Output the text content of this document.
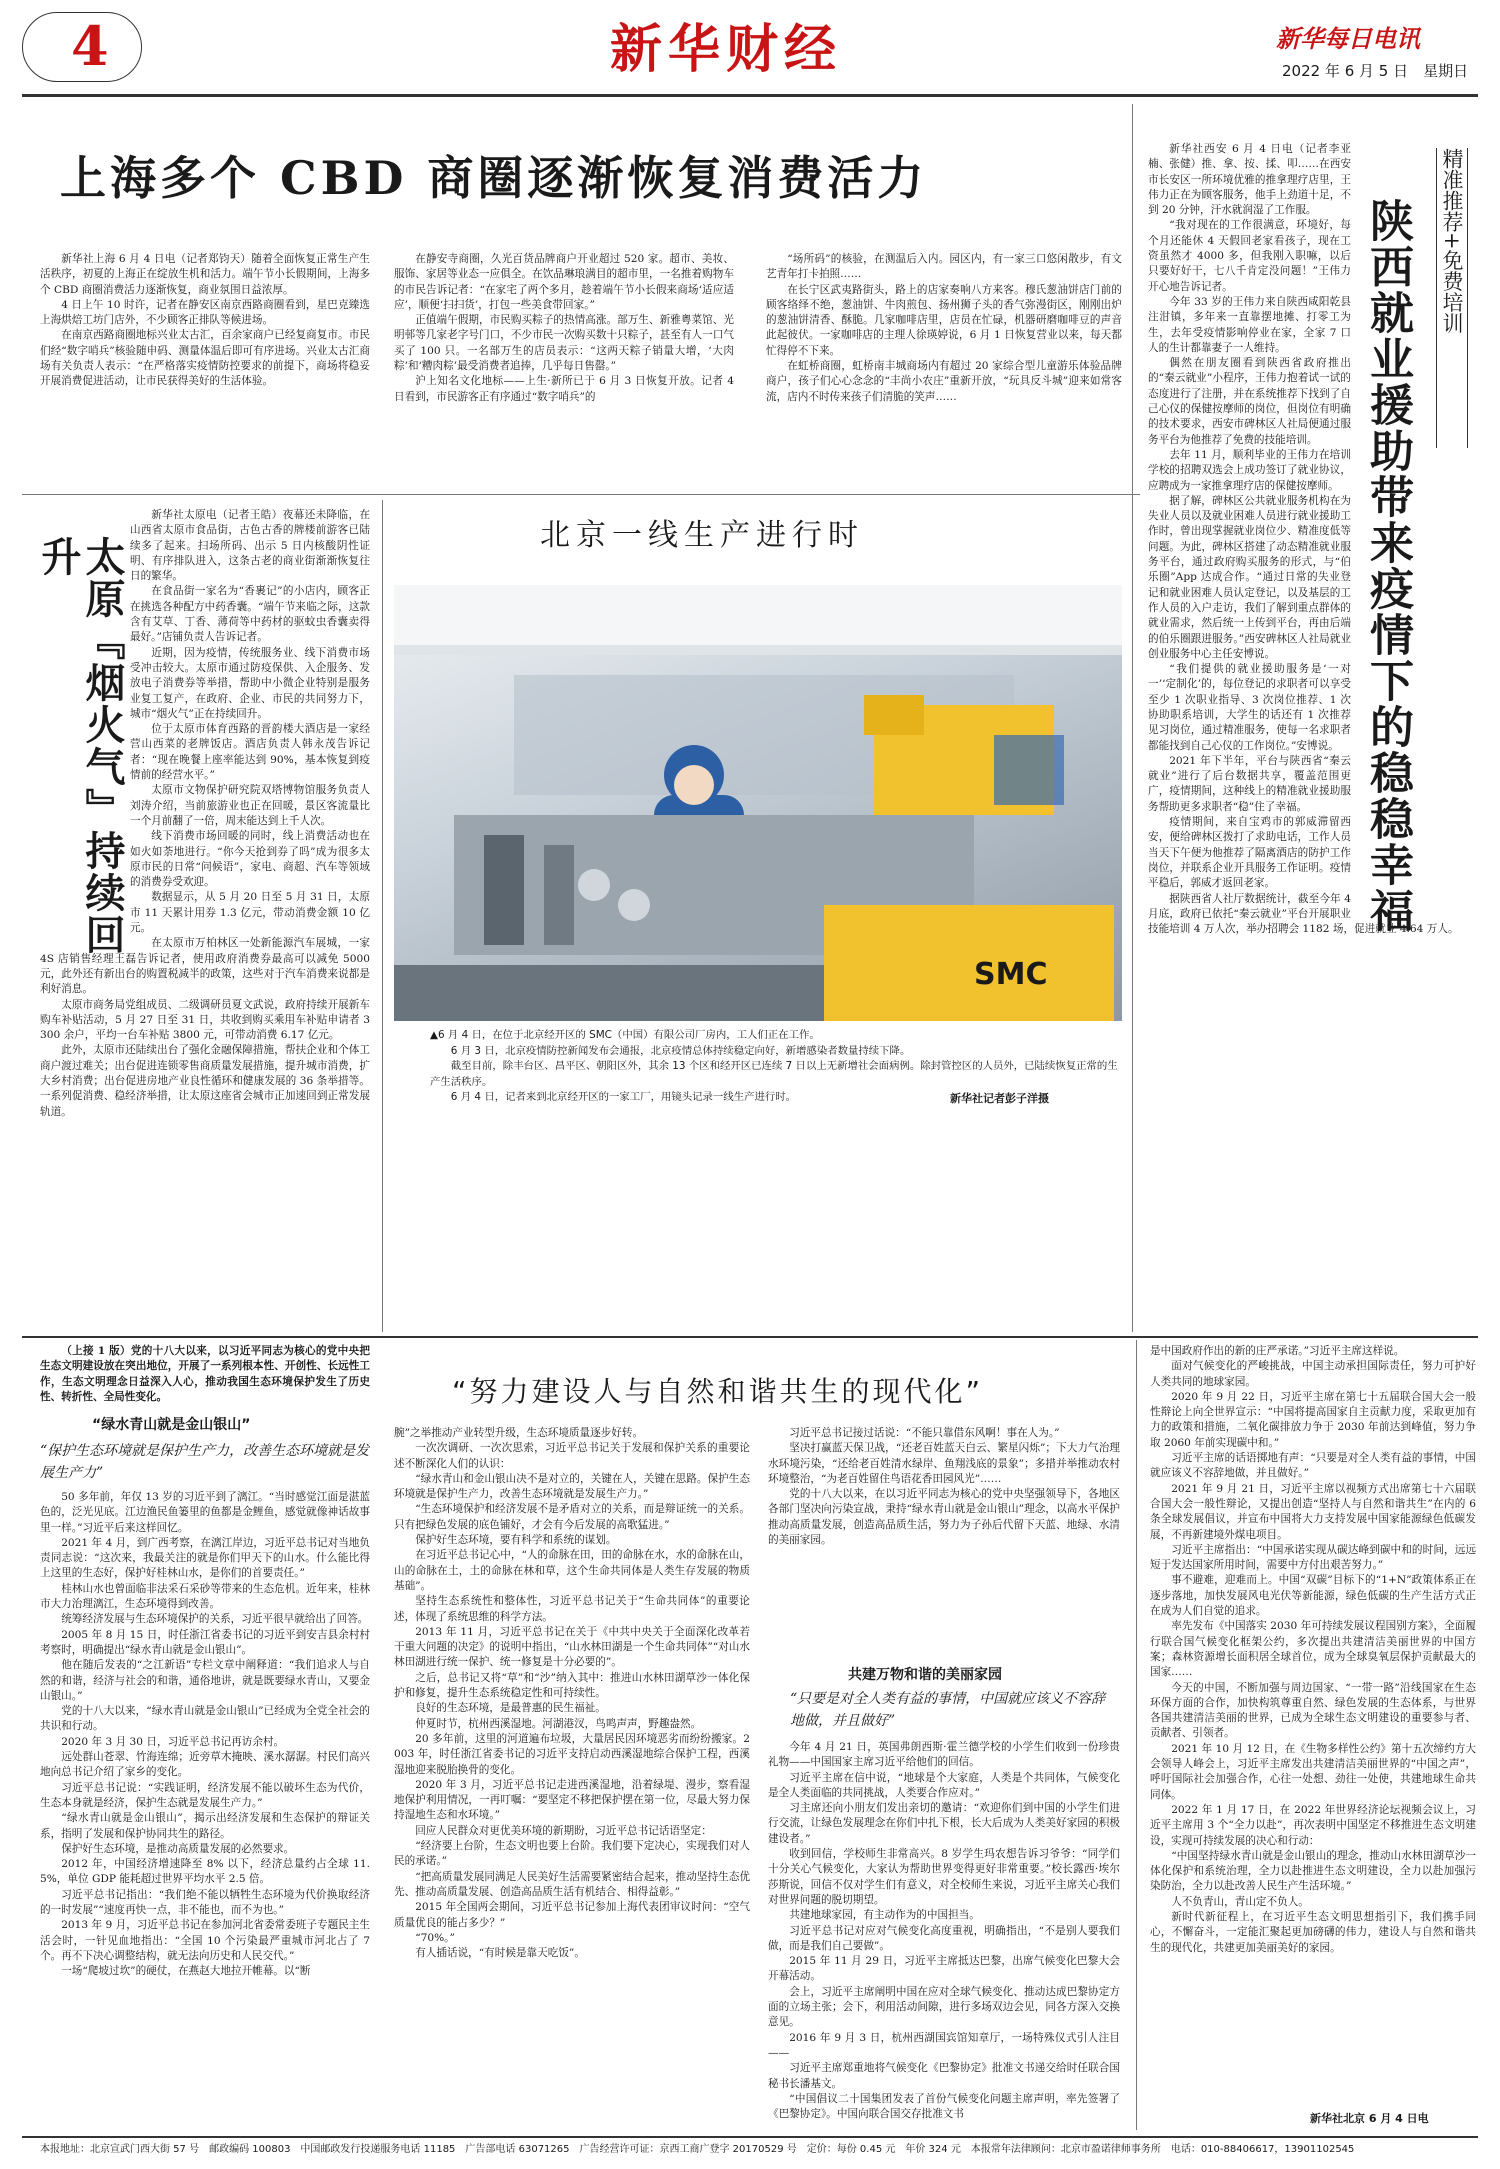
4	新华财经	新华每日电讯
2022 年 6 月 5 日　星期日
上海多个 CBD 商圈逐渐恢复消费活力

新华社上海 6 月 4 日电（记者郑钧天）随着全面恢复正常生产生活秩序，初夏的上海正在绽放生机和活力。端午节小长假期间，上海多个 CBD 商圈消费活力逐渐恢复，商业氛围日益浓厚。

4 日上午 10 时许，记者在静安区南京西路商圈看到，星巴克臻选上海烘焙工坊门店外，不少顾客正排队等候进场。

在南京西路商圈地标兴业太古汇，百余家商户已经复商复市。市民们经“数字哨兵”核验随申码、测量体温后即可有序进场。兴业太古汇商场有关负责人表示：“在严格落实疫情防控要求的前提下，商场将稳妥开展消费促进活动，让市民获得美好的生活体验。

在静安寺商圈，久光百货品牌商户开业超过 520 家。超市、美妆、服饰、家居等业态一应俱全。在饮品琳琅满目的超市里，一名推着购物车的市民告诉记者：“在家宅了两个多月，趁着端午节小长假来商场‘适应适应’，顺便‘扫扫货’，打包一些美食带回家。”

正值端午假期，市民购买粽子的热情高涨。部万生、新雅粤菜馆、光明邨等几家老字号门口，不少市民一次购买数十只粽子，甚至有人一口气买了 100 只。一名部万生的店员表示：“这两天粽子销量大增，‘大肉粽’和‘糟肉粽’最受消费者追捧，几乎每日售罄。”

沪上知名文化地标——上生·新所已于 6 月 3 日恢复开放。记者 4 日看到，市民游客正有序通过“数字哨兵”的

“场所码”的核验，在测温后入内。园区内，有一家三口悠闲散步，有文艺青年打卡拍照……

在长宁区武夷路街头，路上的店家奏响八方来客。穆氏葱油饼店门前的顾客络绎不绝，葱油饼、牛肉煎包、扬州狮子头的香气弥漫街区，刚刚出炉的葱油饼清香、酥脆。几家咖啡店里，店员在忙碌，机器研磨咖啡豆的声音此起彼伏。一家咖啡店的主理人徐瑛婷说，6 月 1 日恢复营业以来，每天都忙得停不下来。

在虹桥商圈，虹桥南丰城商场内有超过 20 家综合型儿童游乐体验品牌商户，孩子们心心念念的“丰尚小农庄”重新开放，“玩具反斗城”迎来如常客流，店内不时传来孩子们清脆的笑声……

太原『烟火气』持续回升

新华社太原电（记者王皓）夜幕还未降临，在山西省太原市食品街，古色古香的牌楼前游客已陆续多了起来。扫场所码、出示 5 日内核酸阴性证明、有序排队进入，这条古老的商业街渐渐恢复往日的繁华。

在食品街一家名为“香裹记”的小店内，顾客正在挑选各种配方中药香囊。“端午节来临之际，这款含有艾草、丁香、薄荷等中药材的驱蚊虫香囊卖得最好。”店铺负责人告诉记者。

近期，因为疫情，传统服务业、线下消费市场受冲击较大。太原市通过防疫保供、入企服务、发放电子消费券等举措，帮助中小微企业特别是服务业复工复产，在政府、企业、市民的共同努力下，城市“烟火气”正在持续回升。

位于太原市体育西路的晋韵楼大酒店是一家经营山西菜的老牌饭店。酒店负责人韩永茂告诉记者：“现在晚餐上座率能达到 90%，基本恢复到疫情前的经营水平。”

太原市文物保护研究院双塔博物馆服务负责人刘涛介绍，当前旅游业也正在回暖，景区客流量比一个月前翻了一倍，周末能达到上千人次。

线下消费市场回暖的同时，线上消费活动也在如火如荼地进行。“你今天抢到券了吗”成为很多太原市民的日常“问候语”，家电、商超、汽车等领域的消费券受欢迎。

数据显示，从 5 月 20 日至 5 月 31 日，太原市 11 天累计用券 1.3 亿元，带动消费金额 10 亿元。

在太原市万柏林区一处新能源汽车展城，一家 4S 店销售经理王磊告诉记者，使用政府消费券最高可以减免 5000 元，此外还有新出台的购置税减半的政策，这些对于汽车消费来说都是利好消息。

太原市商务局党组成员、二级调研员夏文武说，政府持续开展新车购车补贴活动，5 月 27 日至 31 日，共收到购买乘用车补贴申请者 3300 余户，平均一台车补贴 3800 元，可带动消费 6.17 亿元。

此外，太原市还陆续出台了强化金融保障措施，帮扶企业和个体工商户渡过难关；出台促进连锁零售商质量发展措施，提升城市消费，扩大乡村消费；出台促进房地产业良性循环和健康发展的 36 条举措等。一系列促消费、稳经济举措，让太原这座省会城市正加速回到正常发展轨道。

北京一线生产进行时
SMC
▲6 月 4 日，在位于北京经开区的 SMC（中国）有限公司厂房内，工人们正在工作。
6 月 3 日，北京疫情防控新闻发布会通报，北京疫情总体持续稳定向好，新增感染者数量持续下降。
截至目前，除丰台区、昌平区、朝阳区外，其余 13 个区和经开区已连续 7 日以上无新增社会面病例。除封管控区的人员外，已陆续恢复正常的生产生活秩序。
6 月 4 日，记者来到北京经开区的一家工厂，用镜头记录一线生产进行时。	新华社记者彭子洋摄
精准推荐+免费培训
陕西就业援助带来疫情下的稳稳幸福

新华社西安 6 月 4 日电（记者李亚楠、张健）推、拿、按、揉、叩……在西安市长安区一所环境优雅的推拿理疗店里，王伟力正在为顾客服务，他手上劲道十足，不到 20 分钟，汗水就润湿了工作服。

“我对现在的工作很满意，环境好，每个月还能休 4 天假回老家看孩子，现在工资虽然才 4000 多，但我刚入职嘛，以后只要好好干，七八千肯定没问题！”王伟力开心地告诉记者。

今年 33 岁的王伟力来自陕西咸阳乾县注泔镇，多年来一直靠摆地摊、打零工为生，去年受疫情影响停业在家，全家 7 口人的生计都靠妻子一人维持。

偶然在朋友圈看到陕西省政府推出的“秦云就业”小程序，王伟力抱着试一试的态度进行了注册，并在系统推荐下找到了自己心仪的保健按摩师的岗位，但岗位有明确的技术要求，西安市碑林区人社局便通过服务平台为他推荐了免费的技能培训。

去年 11 月，顺利毕业的王伟力在培训学校的招聘双选会上成功签订了就业协议，应聘成为一家推拿理疗店的保健按摩师。

据了解，碑林区公共就业服务机构在为失业人员以及就业困难人员进行就业援助工作时，曾出现掌握就业岗位少、精准度低等问题。为此，碑林区搭建了动态精准就业服务平台，通过政府购买服务的形式，与“伯乐圈”App 达成合作。“通过日常的失业登记和就业困难人员认定登记，以及基层的工作人员的入户走访，我们了解到重点群体的就业需求，然后统一上传到平台，再由后端的伯乐圈跟进服务。”西安碑林区人社局就业创业服务中心主任安博说。

“我们提供的就业援助服务是‘一对一’‘定制化’的，每位登记的求职者可以享受至少 1 次职业指导、3 次岗位推荐、1 次协助职系培训，大学生的话还有 1 次推荐见习岗位，通过精准服务，使每一名求职者都能找到自己心仪的工作岗位。”安博说。

2021 年下半年，平台与陕西省“秦云就业”进行了后台数据共享，覆盖范围更广，疫情期间，这种线上的精准就业援助服务帮助更多求职者“稳”住了幸福。

疫情期间，来自宝鸡市的郭威滞留西安，便给碑林区拨打了求助电话，工作人员当天下午便为他推荐了隔离酒店的防护工作岗位，并联系企业开具服务工作证明。疫情平稳后，郭威才返回老家。

据陕西省人社厅数据统计，截至今年 4 月底，政府已依托“秦云就业”平台开展职业技能培训 4 万人次，举办招聘会 1182 场，促进就业 4.64 万人。

“努力建设人与自然和谐共生的现代化”

（上接 1 版）党的十八大以来，以习近平同志为核心的党中央把生态文明建设放在突出地位，开展了一系列根本性、开创性、长远性工作，生态文明理念日益深入人心，推动我国生态环境保护发生了历史性、转折性、全局性变化。

“绿水青山就是金山银山”
“保护生态环境就是保护生产力，改善生态环境就是发展生产力”

50 多年前，年仅 13 岁的习近平到了漓江。“当时感觉江面是湛蓝色的，泛光见底。江边渔民鱼篓里的鱼都是金鲤鱼，感觉就像神话故事里一样。”习近平后来这样回忆。

2021 年 4 月，到广西考察，在漓江岸边，习近平总书记对当地负责同志说：“这次来，我最关注的就是你们甲天下的山水。什么能比得上这里的生态好，保护好桂林山水，是你们的首要责任。”

桂林山水也曾面临非法采石采砂等带来的生态危机。近年来，桂林市大力治理漓江，生态环境得到改善。

统筹经济发展与生态环境保护的关系，习近平很早就给出了回答。

2005 年 8 月 15 日，时任浙江省委书记的习近平到安吉县余村村考察时，明确提出“绿水青山就是金山银山”。

他在随后发表的“之江新语”专栏文章中阐释道：“我们追求人与自然的和谐，经济与社会的和谐，通俗地讲，就是既要绿水青山，又要金山银山。”

党的十八大以来，“绿水青山就是金山银山”已经成为全党全社会的共识和行动。

2020 年 3 月 30 日，习近平总书记再访余村。

远处群山苍翠、竹海连绵；近旁草木掩映、溪水潺潺。村民们高兴地向总书记介绍了家乡的变化。

习近平总书记说：“实践证明，经济发展不能以破坏生态为代价，生态本身就是经济，保护生态就是发展生产力。”

“绿水青山就是金山银山”，揭示出经济发展和生态保护的辩证关系，指明了发展和保护协同共生的路径。

保护好生态环境，是推动高质量发展的必然要求。

2012 年，中国经济增速降至 8% 以下，经济总量约占全球 11.5%，单位 GDP 能耗超过世界平均水平 2.5 倍。

习近平总书记指出：“我们绝不能以牺牲生态环境为代价换取经济的一时发展”“速度再快一点，非不能也，而不为也。”

2013 年 9 月，习近平总书记在参加河北省委常委班子专题民主生活会时，一针见血地指出：“全国 10 个污染最严重城市河北占了 7 个。再不下决心调整结构，就无法向历史和人民交代。”

一场“爬坡过坎”的硬仗，在燕赵大地拉开帷幕。以“断

腕”之举推动产业转型升级，生态环境质量逐步好转。

一次次调研、一次次思索，习近平总书记关于发展和保护关系的重要论述不断深化人们的认识：

“绿水青山和金山银山决不是对立的，关键在人，关键在思路。保护生态环境就是保护生产力，改善生态环境就是发展生产力。”

“生态环境保护和经济发展不是矛盾对立的关系，而是辩证统一的关系。只有把绿色发展的底色铺好，才会有今后发展的高歌猛进。”

保护好生态环境，要有科学和系统的谋划。

在习近平总书记心中，“人的命脉在田，田的命脉在水，水的命脉在山，山的命脉在土，土的命脉在林和草，这个生命共同体是人类生存发展的物质基础”。

坚持生态系统性和整体性，习近平总书记关于“生命共同体”的重要论述，体现了系统思维的科学方法。

2013 年 11 月，习近平总书记在关于《中共中央关于全面深化改革若干重大问题的决定》的说明中指出，“山水林田湖是一个生命共同体”“对山水林田湖进行统一保护、统一修复是十分必要的”。

之后，总书记又将“草”和“沙”纳入其中：推进山水林田湖草沙一体化保护和修复，提升生态系统稳定性和可持续性。

良好的生态环境，是最普惠的民生福祉。

仲夏时节，杭州西溪湿地。河湖港汊，鸟鸣声声，野趣盎然。

20 多年前，这里的河道遍布垃圾，大量居民因环境恶劣而纷纷搬家。2003 年，时任浙江省委书记的习近平支持启动西溪湿地综合保护工程，西溪湿地迎来脱胎换骨的变化。

2020 年 3 月，习近平总书记走进西溪湿地，沿着绿堤、漫步，察看湿地保护利用情况，一再叮嘱：“要坚定不移把保护摆在第一位，尽最大努力保持湿地生态和水环境。”

回应人民群众对更优美环境的新期盼，习近平总书记话语坚定：

“经济要上台阶，生态文明也要上台阶。我们要下定决心，实现我们对人民的承诺。”

“把高质量发展同满足人民美好生活需要紧密结合起来，推动坚持生态优先、推动高质量发展、创造高品质生活有机结合、相得益彰。”

2015 年全国两会期间，习近平总书记参加上海代表团审议时问：“空气质量优良的能占多少？”

“70%。”

有人插话说，“有时候是靠天吃饭”。

习近平总书记接过话说：“不能只靠借东风啊！事在人为。”

坚决打赢蓝天保卫战，“还老百姓蓝天白云、繁星闪烁”；下大力气治理水环境污染，“还给老百姓清水绿岸、鱼翔浅底的景象”；多措并举推动农村环境整治，“为老百姓留住鸟语花香田园风光”……

党的十八大以来，在以习近平同志为核心的党中央坚强领导下，各地区各部门坚决向污染宣战，秉持“绿水青山就是金山银山”理念，以高水平保护推动高质量发展，创造高品质生活，努力为子孙后代留下天蓝、地绿、水清的美丽家园。

共建万物和谐的美丽家园
“只要是对全人类有益的事情，中国就应该义不容辞地做，并且做好”

今年 4 月 21 日，英国弗朗西斯·霍兰德学校的小学生们收到一份珍贵礼物——中国国家主席习近平给他们的回信。

习近平主席在信中说，“地球是个大家庭，人类是个共同体，气候变化是全人类面临的共同挑战，人类要合作应对。”

习主席还向小朋友们发出亲切的邀请：“欢迎你们到中国的小学生们进行交流，让绿色发展理念在你们中扎下根，长大后成为人类美好家园的积极建设者。”

收到回信，学校师生非常高兴。8 岁学生玛农想告诉习爷爷：“同学们十分关心气候变化，大家认为帮助世界变得更好非常重要。”校长露西·埃尔莎斯说，回信不仅对学生们有意义，对全校师生来说，习近平主席关心我们对世界问题的脱切期望。

共建地球家园，有主动作为的中国担当。

习近平总书记对应对气候变化高度重视，明确指出，“不是别人要我们做，而是我们自己要做”。

2015 年 11 月 29 日，习近平主席抵达巴黎，出席气候变化巴黎大会开幕活动。

会上，习近平主席阐明中国在应对全球气候变化、推动达成巴黎协定方面的立场主张；会下，利用活动间隙，进行多场双边会见，同各方深入交换意见。

2016 年 9 月 3 日，杭州西湖国宾馆知章厅，一场特殊仪式引人注目——

习近平主席郑重地将气候变化《巴黎协定》批准文书递交给时任联合国秘书长潘基文。

“中国倡议二十国集团发表了首份气候变化问题主席声明，率先签署了《巴黎协定》。中国向联合国交存批准文书

是中国政府作出的新的庄严承诺。”习近平主席这样说。

面对气候变化的严峻挑战，中国主动承担国际责任，努力可护好人类共同的地球家园。

2020 年 9 月 22 日，习近平主席在第七十五届联合国大会一般性辩论上向全世界宣示：“中国将提高国家自主贡献力度，采取更加有力的政策和措施，二氧化碳排放力争于 2030 年前达到峰值，努力争取 2060 年前实现碳中和。”

习近平主席的话语掷地有声：“只要是对全人类有益的事情，中国就应该义不容辞地做，并且做好。”

2021 年 9 月 21 日，习近平主席以视频方式出席第七十六届联合国大会一般性辩论，又提出创造“坚持人与自然和谐共生”在内的 6 条全球发展倡议，并宣布中国将大力支持发展中国家能源绿色低碳发展，不再新建境外煤电项目。

习近平主席指出：“中国承诺实现从碳达峰到碳中和的时间，远远短于发达国家所用时间，需要中方付出艰苦努力。”

事不避难，迎难而上。中国“双碳”目标下的“1+N”政策体系正在逐步落地，加快发展风电光伏等新能源，绿色低碳的生产生活方式正在成为人们自觉的追求。

率先发布《中国落实 2030 年可持续发展议程国别方案》，全面履行联合国气候变化框架公约，多次提出共建清洁美丽世界的中国方案；森林资源增长面积居全球首位，成为全球臭氧层保护贡献最大的国家……

今天的中国，不断加强与周边国家、“一带一路”沿线国家在生态环保方面的合作，加快构筑尊重自然、绿色发展的生态体系，与世界各国共建清洁美丽的世界，已成为全球生态文明建设的重要参与者、贡献者、引领者。

2021 年 10 月 12 日，在《生物多样性公约》第十五次缔约方大会领导人峰会上，习近平主席发出共建清洁美丽世界的“中国之声”，呼吁国际社会加强合作，心往一处想、劲往一处使，共建地球生命共同体。

2022 年 1 月 17 日，在 2022 年世界经济论坛视频会议上，习近平主席用 3 个“全力以赴”，再次表明中国坚定不移推进生态文明建设，实现可持续发展的决心和行动：

“中国坚持绿水青山就是金山银山的理念，推动山水林田湖草沙一体化保护和系统治理，全力以赴推进生态文明建设，全力以赴加强污染防治，全力以赴改善人民生产生活环境。”

人不负青山，青山定不负人。

新时代新征程上，在习近平生态文明思想指引下，我们携手同心，不懈奋斗，一定能汇聚起更加磅礴的伟力，建设人与自然和谐共生的现代化，共建更加美丽美好的家园。

新华社北京 6 月 4 日电
本报地址：北京宣武门西大街 57 号　邮政编码 100803　中国邮政发行投递服务电话 11185　广告部电话 63071265　广告经营许可证：京西工商广登字 20170529 号　定价：每份 0.45 元　年价 324 元　本报常年法律顾问：北京市盈诺律师事务所　电话：010-88406617，13901102545
